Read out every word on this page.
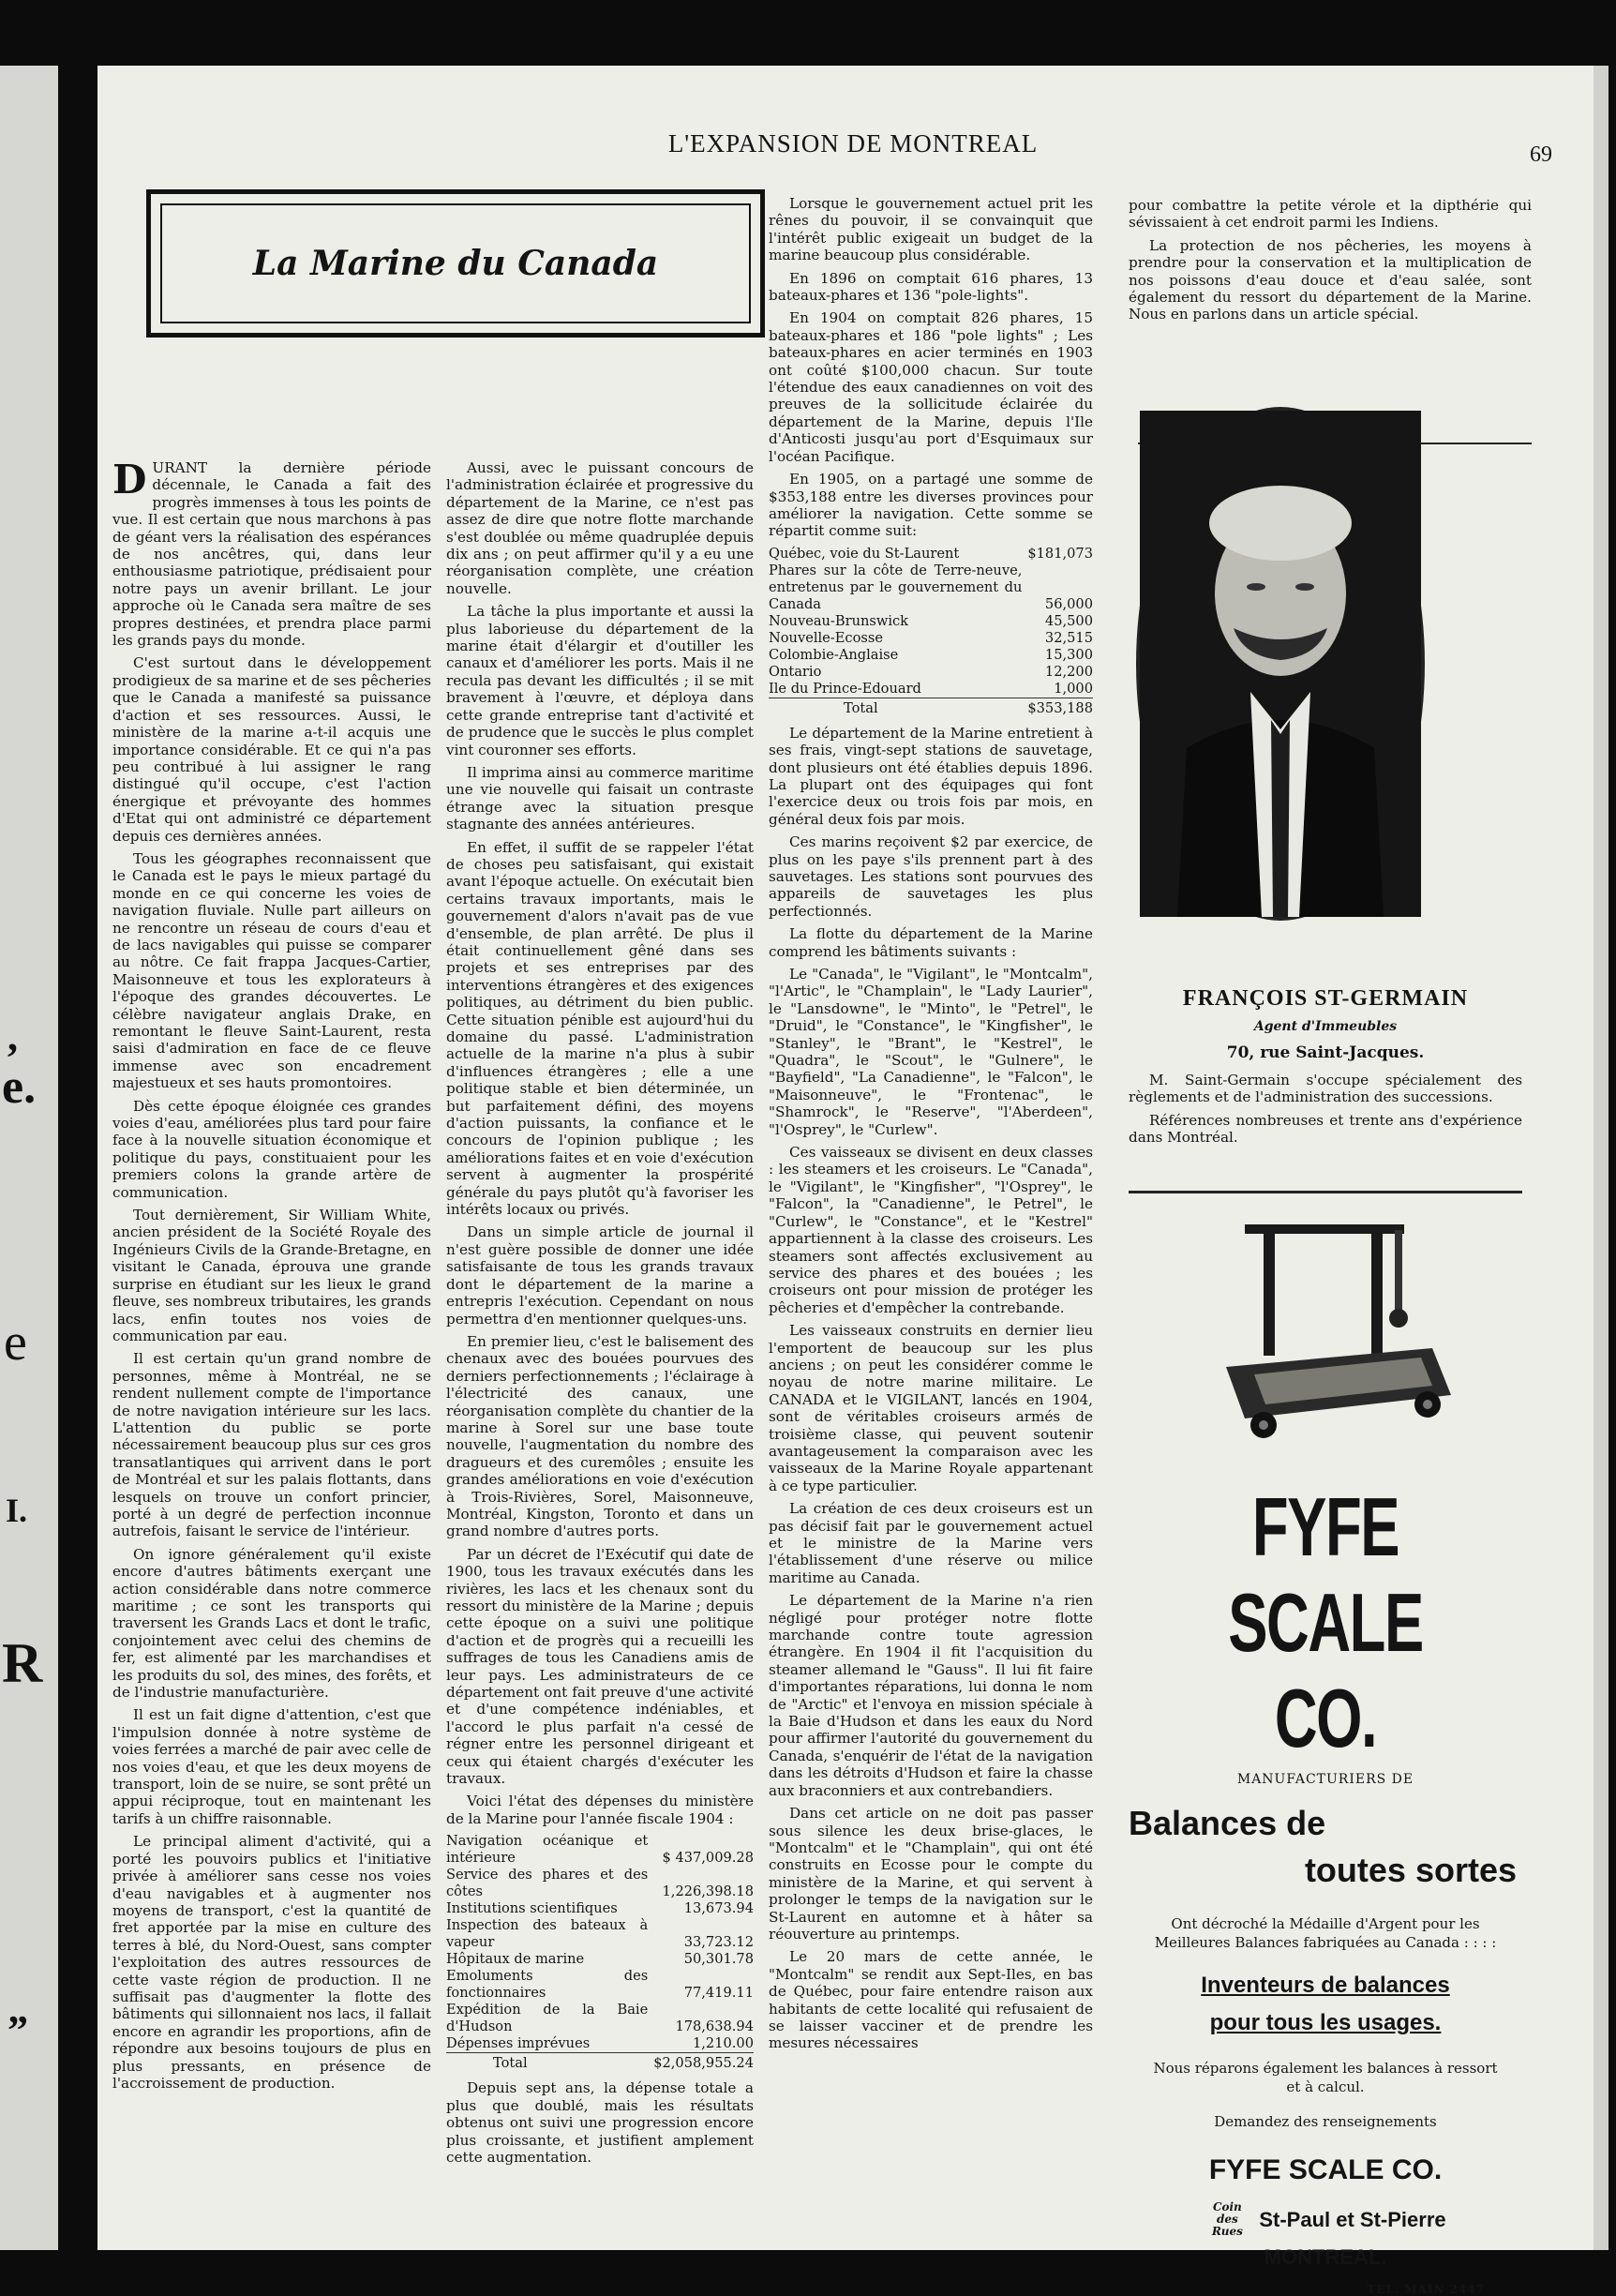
,
e.
e
I.
R
”
L'EXPANSION DE MONTREAL	69
La Marine du Canada

DURANT la dernière période décennale, le Canada a fait des progrès immenses à tous les points de vue. Il est certain que nous marchons à pas de géant vers la réalisation des espérances de nos ancêtres, qui, dans leur enthousiasme patriotique, prédisaient pour notre pays un avenir brillant. Le jour approche où le Canada sera maître de ses propres destinées, et prendra place parmi les grands pays du monde.

C'est surtout dans le développement prodigieux de sa marine et de ses pêcheries que le Canada a manifesté sa puissance d'action et ses ressources. Aussi, le ministère de la marine a-t-il acquis une importance considérable. Et ce qui n'a pas peu contribué à lui assigner le rang distingué qu'il occupe, c'est l'action énergique et prévoyante des hommes d'Etat qui ont administré ce département depuis ces dernières années.

Tous les géographes reconnaissent que le Canada est le pays le mieux partagé du monde en ce qui concerne les voies de navigation fluviale. Nulle part ailleurs on ne rencontre un réseau de cours d'eau et de lacs navigables qui puisse se comparer au nôtre. Ce fait frappa Jacques-Cartier, Maisonneuve et tous les explorateurs à l'époque des grandes découvertes. Le célèbre navigateur anglais Drake, en remontant le fleuve Saint-Laurent, resta saisi d'admiration en face de ce fleuve immense avec son encadrement majestueux et ses hauts promontoires.

Dès cette époque éloignée ces grandes voies d'eau, améliorées plus tard pour faire face à la nouvelle situation économique et politique du pays, constituaient pour les premiers colons la grande artère de communication.

Tout dernièrement, Sir William White, ancien président de la Société Royale des Ingénieurs Civils de la Grande-Bretagne, en visitant le Canada, éprouva une grande surprise en étudiant sur les lieux le grand fleuve, ses nombreux tributaires, les grands lacs, enfin toutes nos voies de communication par eau.

Il est certain qu'un grand nombre de personnes, même à Montréal, ne se rendent nullement compte de l'importance de notre navigation intérieure sur les lacs. L'attention du public se porte nécessairement beaucoup plus sur ces gros transatlantiques qui arrivent dans le port de Montréal et sur les palais flottants, dans lesquels on trouve un confort princier, porté à un degré de perfection inconnue autrefois, faisant le service de l'intérieur.

On ignore généralement qu'il existe encore d'autres bâtiments exerçant une action considérable dans notre commerce maritime ; ce sont les transports qui traversent les Grands Lacs et dont le trafic, conjointement avec celui des chemins de fer, est alimenté par les marchandises et les produits du sol, des mines, des forêts, et de l'industrie manufacturière.

Il est un fait digne d'attention, c'est que l'impulsion donnée à notre système de voies ferrées a marché de pair avec celle de nos voies d'eau, et que les deux moyens de transport, loin de se nuire, se sont prêté un appui réciproque, tout en maintenant les tarifs à un chiffre raisonnable.

Le principal aliment d'activité, qui a porté les pouvoirs publics et l'initiative privée à améliorer sans cesse nos voies d'eau navigables et à augmenter nos moyens de transport, c'est la quantité de fret apportée par la mise en culture des terres à blé, du Nord-Ouest, sans compter l'exploitation des autres ressources de cette vaste région de production. Il ne suffisait pas d'augmenter la flotte des bâtiments qui sillonnaient nos lacs, il fallait encore en agrandir les proportions, afin de répondre aux besoins toujours de plus en plus pressants, en présence de l'accroissement de production.

Aussi, avec le puissant concours de l'administration éclairée et progressive du département de la Marine, ce n'est pas assez de dire que notre flotte marchande s'est doublée ou même quadruplée depuis dix ans ; on peut affirmer qu'il y a eu une réorganisation complète, une création nouvelle.

La tâche la plus importante et aussi la plus laborieuse du département de la marine était d'élargir et d'outiller les canaux et d'améliorer les ports. Mais il ne recula pas devant les difficultés ; il se mit bravement à l'œuvre, et déploya dans cette grande entreprise tant d'activité et de prudence que le succès le plus complet vint couronner ses efforts.

Il imprima ainsi au commerce maritime une vie nouvelle qui faisait un contraste étrange avec la situation presque stagnante des années antérieures.

En effet, il suffit de se rappeler l'état de choses peu satisfaisant, qui existait avant l'époque actuelle. On exécutait bien certains travaux importants, mais le gouvernement d'alors n'avait pas de vue d'ensemble, de plan arrêté. De plus il était continuellement gêné dans ses projets et ses entreprises par des interventions étrangères et des exigences politiques, au détriment du bien public. Cette situation pénible est aujourd'hui du domaine du passé. L'administration actuelle de la marine n'a plus à subir d'influences étrangères ; elle a une politique stable et bien déterminée, un but parfaitement défini, des moyens d'action puissants, la confiance et le concours de l'opinion publique ; les améliorations faites et en voie d'exécution servent à augmenter la prospérité générale du pays plutôt qu'à favoriser les intérêts locaux ou privés.

Dans un simple article de journal il n'est guère possible de donner une idée satisfaisante de tous les grands travaux dont le département de la marine a entrepris l'exécution. Cependant on nous permettra d'en mentionner quelques-uns.

En premier lieu, c'est le balisement des chenaux avec des bouées pourvues des derniers perfectionnements ; l'éclairage à l'électricité des canaux, une réorganisation complète du chantier de la marine à Sorel sur une base toute nouvelle, l'augmentation du nombre des dragueurs et des curemôles ; ensuite les grandes améliorations en voie d'exécution à Trois-Rivières, Sorel, Maisonneuve, Montréal, Kingston, Toronto et dans un grand nombre d'autres ports.

Par un décret de l'Exécutif qui date de 1900, tous les travaux exécutés dans les rivières, les lacs et les chenaux sont du ressort du ministère de la Marine ; depuis cette époque on a suivi une politique d'action et de progrès qui a recueilli les suffrages de tous les Canadiens amis de leur pays. Les administrateurs de ce département ont fait preuve d'une activité et d'une compétence indéniables, et l'accord le plus parfait n'a cessé de régner entre les personnel dirigeant et ceux qui étaient chargés d'exécuter les travaux.

Voici l'état des dépenses du ministère de la Marine pour l'année fiscale 1904 :

Navigation océanique et intérieure	$ 437,009.28
Service des phares et des côtes	1,226,398.18
Institutions scientifiques	13,673.94
Inspection des bateaux à vapeur	33,723.12
Hôpitaux de marine	50,301.78
Emoluments des fonctionnaires	77,419.11
Expédition de la Baie d'Hudson	178,638.94
Dépenses imprévues	1,210.00
Total	$2,058,955.24

Depuis sept ans, la dépense totale a plus que doublé, mais les résultats obtenus ont suivi une progression encore plus croissante, et justifient amplement cette augmentation.

Lorsque le gouvernement actuel prit les rênes du pouvoir, il se convainquit que l'intérêt public exigeait un budget de la marine beaucoup plus considérable.

En 1896 on comptait 616 phares, 13 bateaux-phares et 136 "pole-lights".

En 1904 on comptait 826 phares, 15 bateaux-phares et 186 "pole lights" ; Les bateaux-phares en acier terminés en 1903 ont coûté $100,000 chacun. Sur toute l'étendue des eaux canadiennes on voit des preuves de la sollicitude éclairée du département de la Marine, depuis l'Ile d'Anticosti jusqu'au port d'Esquimaux sur l'océan Pacifique.

En 1905, on a partagé une somme de $353,188 entre les diverses provinces pour améliorer la navigation. Cette somme se répartit comme suit:

Québec, voie du St-Laurent	$181,073
Phares sur la côte de Terre-neuve, entretenus par le gouvernement du Canada	56,000
Nouveau-Brunswick	45,500
Nouvelle-Ecosse	32,515
Colombie-Anglaise	15,300
Ontario	12,200
Ile du Prince-Edouard	1,000
Total	$353,188

Le département de la Marine entretient à ses frais, vingt-sept stations de sauvetage, dont plusieurs ont été établies depuis 1896. La plupart ont des équipages qui font l'exercice deux ou trois fois par mois, en général deux fois par mois.

Ces marins reçoivent $2 par exercice, de plus on les paye s'ils prennent part à des sauvetages. Les stations sont pourvues des appareils de sauvetages les plus perfectionnés.

La flotte du département de la Marine comprend les bâtiments suivants :

Le "Canada", le "Vigilant", le "Montcalm", "l'Artic", le "Champlain", le "Lady Laurier", le "Lansdowne", le "Minto", le "Petrel", le "Druid", le "Constance", le "Kingfisher", le "Stanley", le "Brant", le "Kestrel", le "Quadra", le "Scout", le "Gulnere", le "Bayfield", "La Canadienne", le "Falcon", le "Maisonneuve", le "Frontenac", le "Shamrock", le "Reserve", "l'Aberdeen", "l'Osprey", le "Curlew".

Ces vaisseaux se divisent en deux classes : les steamers et les croiseurs. Le "Canada", le "Vigilant", le "Kingfisher", "l'Osprey", le "Falcon", la "Canadienne", le Petrel", le "Curlew", le "Constance", et le "Kestrel" appartiennent à la classe des croiseurs. Les steamers sont affectés exclusivement au service des phares et des bouées ; les croiseurs ont pour mission de protéger les pêcheries et d'empêcher la contrebande.

Les vaisseaux construits en dernier lieu l'emportent de beaucoup sur les plus anciens ; on peut les considérer comme le noyau de notre marine militaire. Le CANADA et le VIGILANT, lancés en 1904, sont de véritables croiseurs armés de troisième classe, qui peuvent soutenir avantageusement la comparaison avec les vaisseaux de la Marine Royale appartenant à ce type particulier.

La création de ces deux croiseurs est un pas décisif fait par le gouvernement actuel et le ministre de la Marine vers l'établissement d'une réserve ou milice maritime au Canada.

Le département de la Marine n'a rien négligé pour protéger notre flotte marchande contre toute agression étrangère. En 1904 il fit l'acquisition du steamer allemand le "Gauss". Il lui fit faire d'importantes réparations, lui donna le nom de "Arctic" et l'envoya en mission spéciale à la Baie d'Hudson et dans les eaux du Nord pour affirmer l'autorité du gouvernement du Canada, s'enquérir de l'état de la navigation dans les détroits d'Hudson et faire la chasse aux braconniers et aux contrebandiers.

Dans cet article on ne doit pas passer sous silence les deux brise-glaces, le "Montcalm" et le "Champlain", qui ont été construits en Ecosse pour le compte du ministère de la Marine, et qui servent à prolonger le temps de la navigation sur le St-Laurent en automne et à hâter sa réouverture au printemps.

Le 20 mars de cette année, le "Montcalm" se rendit aux Sept-Iles, en bas de Québec, pour faire entendre raison aux habitants de cette localité qui refusaient de se laisser vacciner et de prendre les mesures nécessaires

pour combattre la petite vérole et la dipthérie qui sévissaient à cet endroit parmi les Indiens.

La protection de nos pêcheries, les moyens à prendre pour la conservation et la multiplication de nos poissons d'eau douce et d'eau salée, sont également du ressort du département de la Marine. Nous en parlons dans un article spécial.

FRANÇOIS ST-GERMAIN
Agent d'Immeubles
70, rue Saint-Jacques.

M. Saint-Germain s'occupe spécialement des règlements et de l'administration des successions.

Références nombreuses et trente ans d'expérience dans Montréal.

FYFE SCALE CO.
MANUFACTURIERS DE
Balances de
toutes sortes
Ont décroché la Médaille d'Argent pour les Meilleures Balances fabriquées au Canada : : : :
Inventeurs de balances
pour tous les usages.
Nous réparons également les balances à ressort et à calcul.
Demandez des renseignements
FYFE SCALE CO.
Coin des Rues
St-Paul et St-Pierre
MONTREAL.
TEL. MAIN 2447
